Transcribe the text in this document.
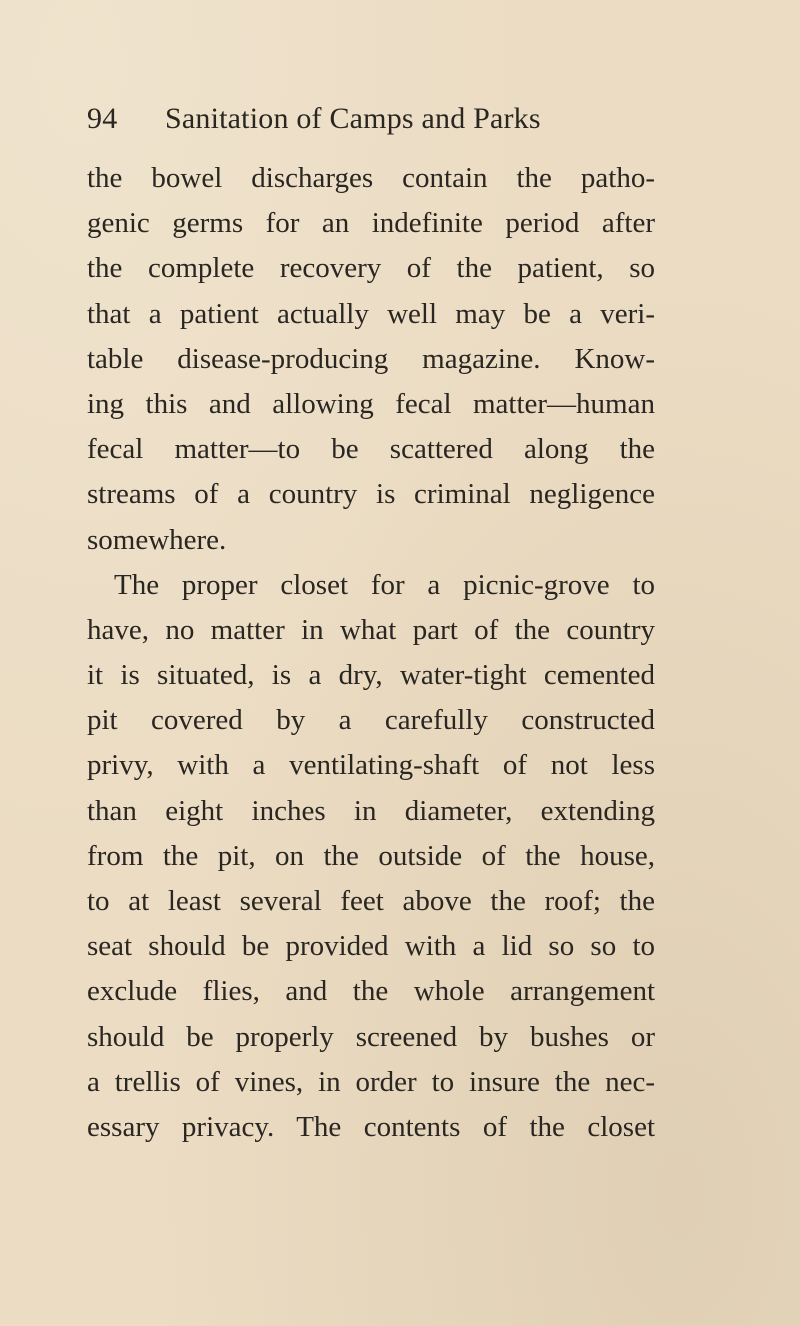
94 Sanitation of Camps and Parks
the bowel discharges contain the patho-
genic germs for an indefinite period after
the complete recovery of the patient, so
that a patient actually well may be a veri-
table disease-producing magazine. Know-
ing this and allowing fecal matter—human
fecal matter—to be scattered along the
streams of a country is criminal negligence
somewhere.
The proper closet for a picnic-grove to
have, no matter in what part of the country
it is situated, is a dry, water-tight cemented
pit covered by a carefully constructed
privy, with a ventilating-shaft of not less
than eight inches in diameter, extending
from the pit, on the outside of the house,
to at least several feet above the roof; the
seat should be provided with a lid so so to
exclude flies, and the whole arrangement
should be properly screened by bushes or
a trellis of vines, in order to insure the nec-
essary privacy. The contents of the closet
